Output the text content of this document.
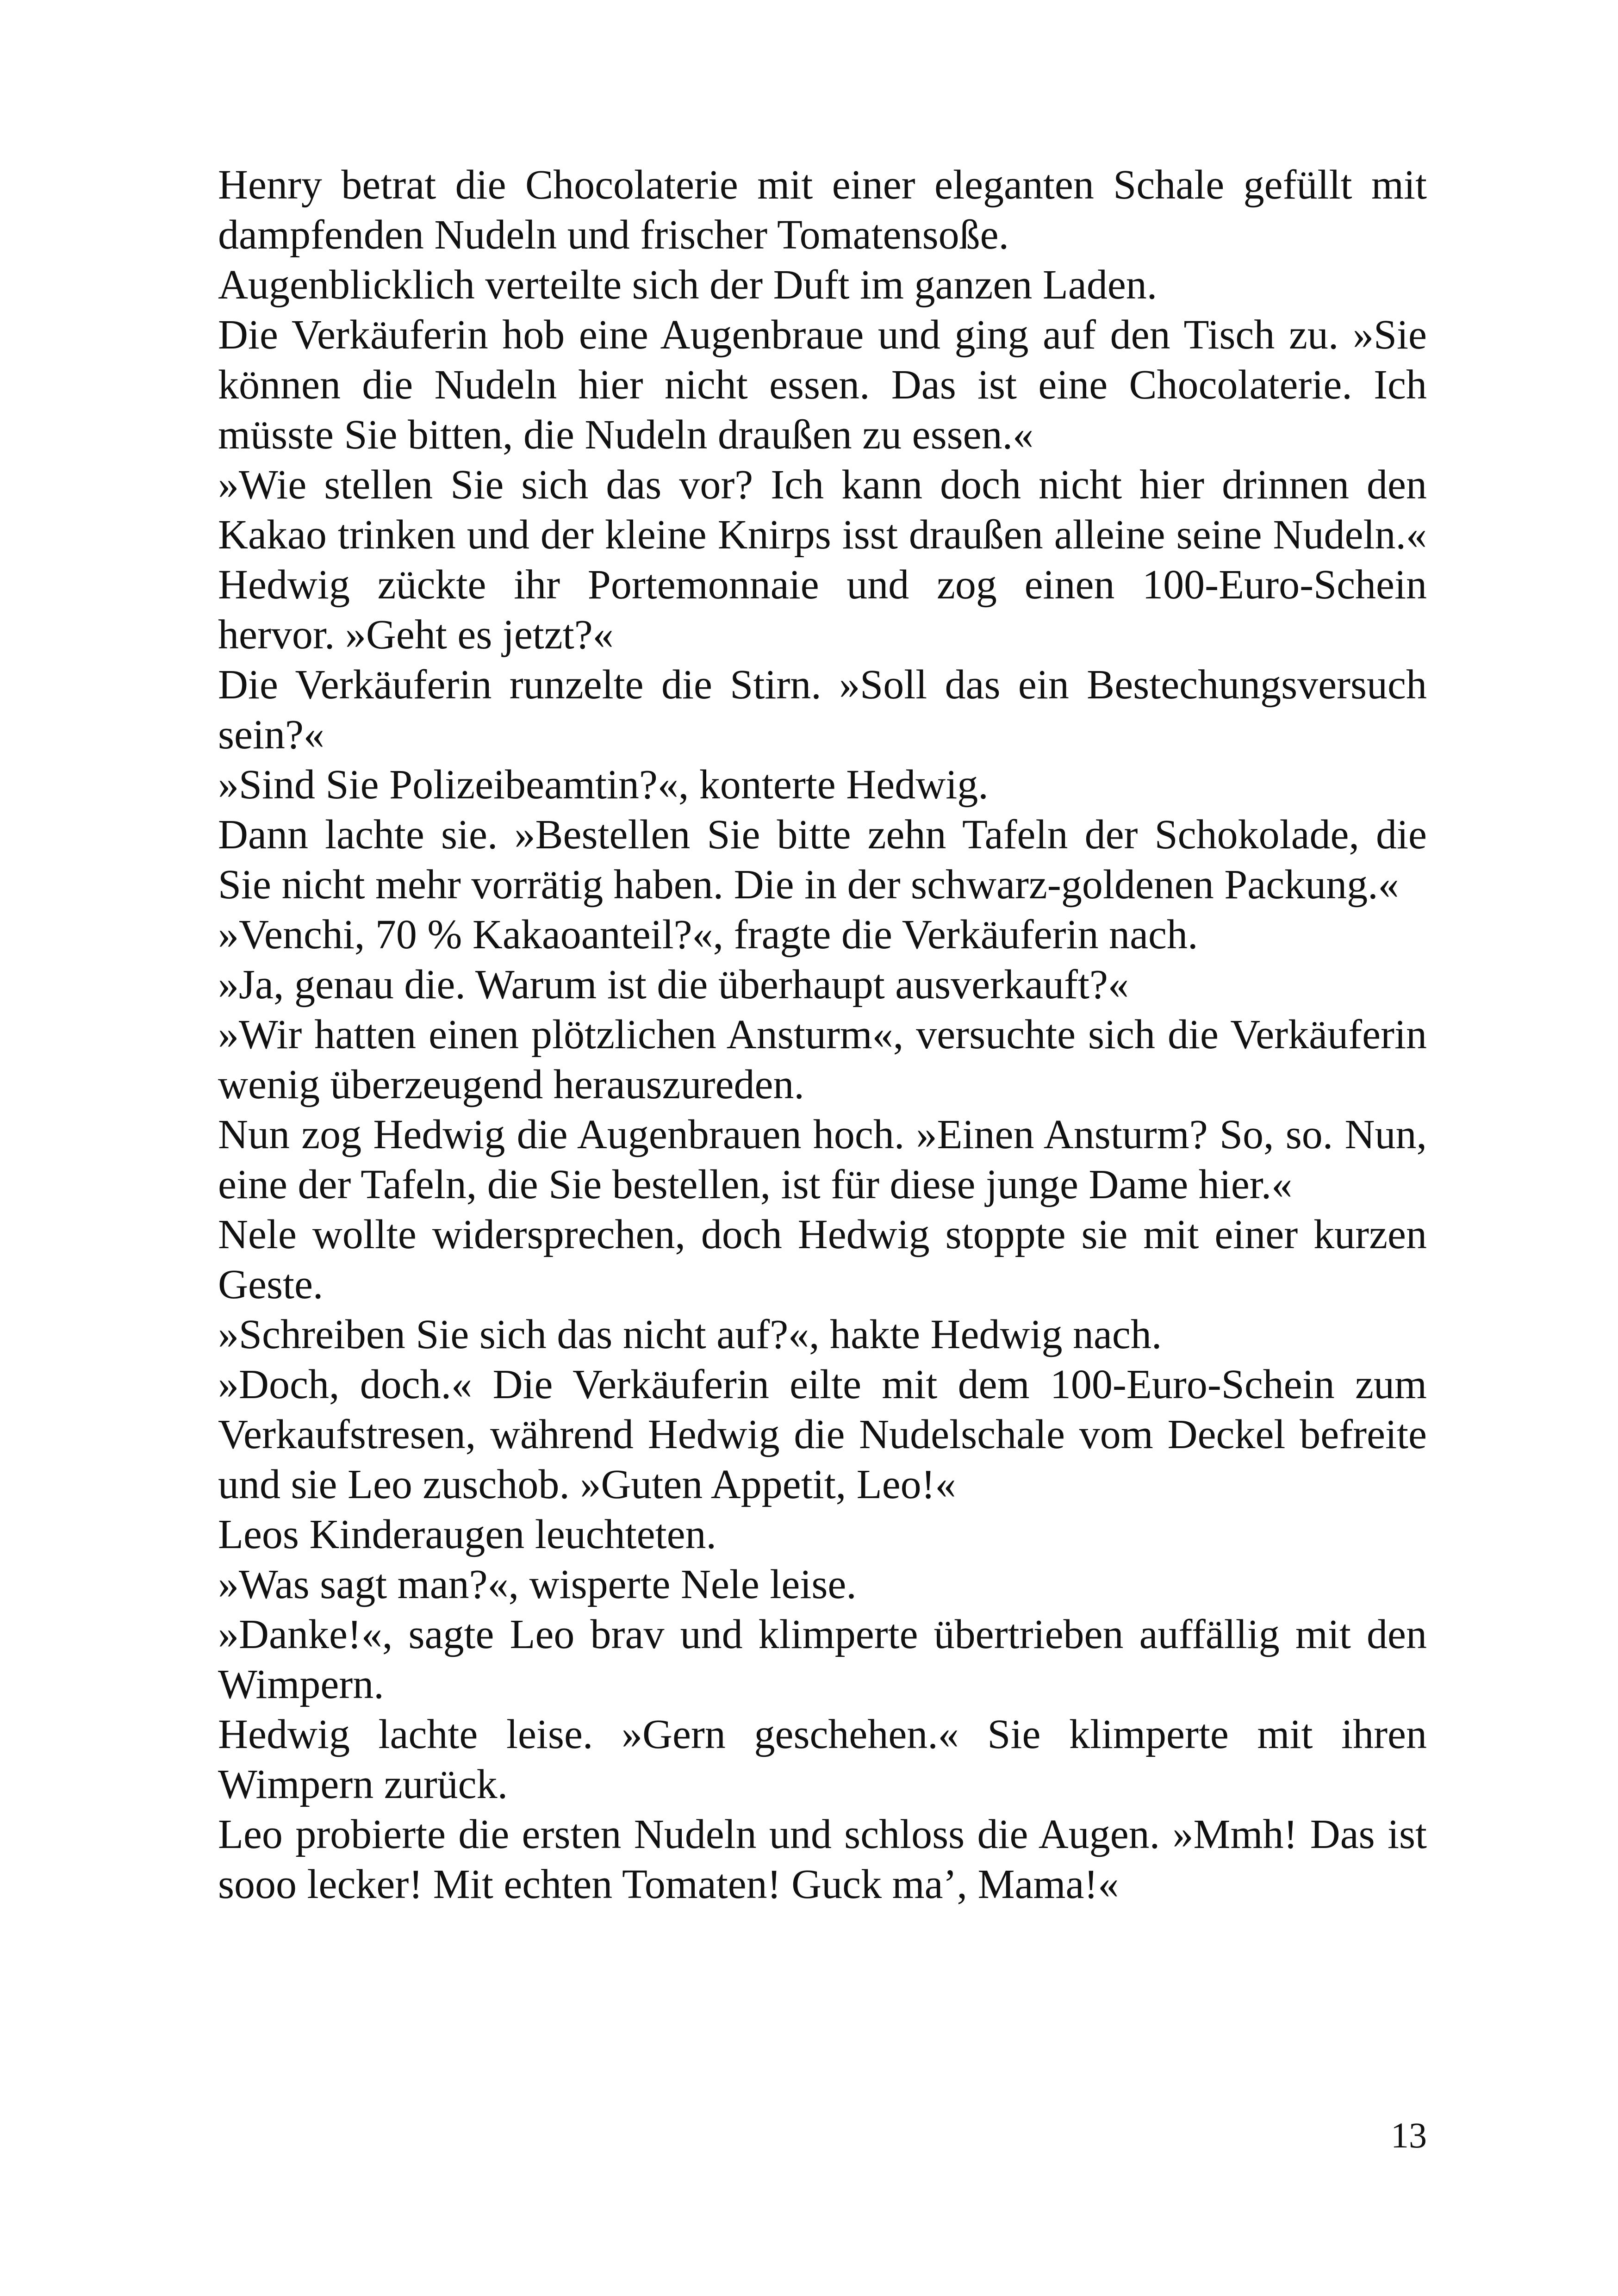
Henry betrat die Chocolaterie mit einer eleganten Schale gefüllt mit dampfenden Nudeln und frischer Tomatensoße.

Augenblicklich verteilte sich der Duft im ganzen Laden.

Die Verkäuferin hob eine Augenbraue und ging auf den Tisch zu. »Sie können die Nudeln hier nicht essen. Das ist eine Chocolaterie. Ich müsste Sie bitten, die Nudeln draußen zu essen.«

»Wie stellen Sie sich das vor? Ich kann doch nicht hier drinnen den Kakao trinken und der kleine Knirps isst draußen alleine seine Nudeln.« Hedwig zückte ihr Portemonnaie und zog einen 100-Euro-Schein hervor. »Geht es jetzt?«

Die Verkäuferin runzelte die Stirn. »Soll das ein Bestechungsversuch sein?«

»Sind Sie Polizeibeamtin?«, konterte Hedwig.

Dann lachte sie. »Bestellen Sie bitte zehn Tafeln der Schokolade, die Sie nicht mehr vorrätig haben. Die in der schwarz-goldenen Packung.«

»Venchi, 70 % Kakaoanteil?«, fragte die Verkäuferin nach.

»Ja, genau die. Warum ist die überhaupt ausverkauft?«

»Wir hatten einen plötzlichen Ansturm«, versuchte sich die Verkäuferin wenig überzeugend herauszureden.

Nun zog Hedwig die Augenbrauen hoch. »Einen Ansturm? So, so. Nun, eine der Tafeln, die Sie bestellen, ist für diese junge Dame hier.«

Nele wollte widersprechen, doch Hedwig stoppte sie mit einer kurzen Geste.

»Schreiben Sie sich das nicht auf?«, hakte Hedwig nach.

»Doch, doch.« Die Verkäuferin eilte mit dem 100-Euro-Schein zum Verkaufstresen, während Hedwig die Nudelschale vom Deckel befreite und sie Leo zuschob. »Guten Appetit, Leo!«

Leos Kinderaugen leuchteten.

»Was sagt man?«, wisperte Nele leise.

»Danke!«, sagte Leo brav und klimperte übertrieben auffällig mit den Wimpern.

Hedwig lachte leise. »Gern geschehen.« Sie klimperte mit ihren Wimpern zurück.

Leo probierte die ersten Nudeln und schloss die Augen. »Mmh! Das ist sooo lecker! Mit echten Tomaten! Guck ma’, Mama!«

13
